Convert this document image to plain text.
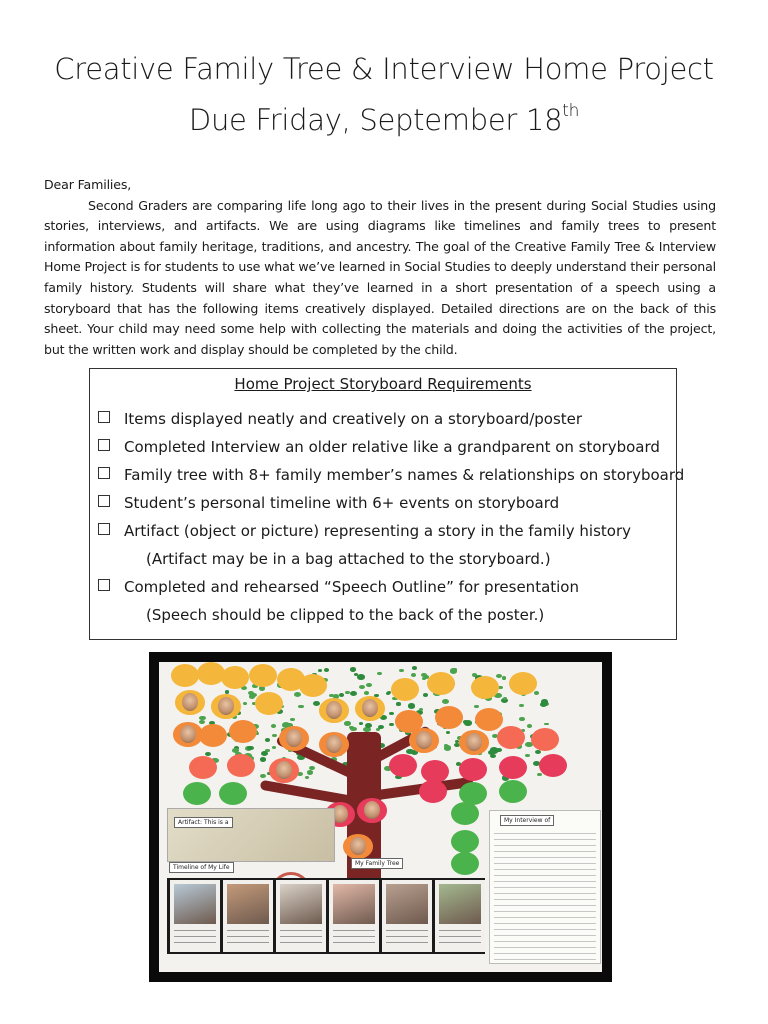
Creative Family Tree & Interview Home Project
Due Friday, September 18th
Dear Families,
Second Graders are comparing life long ago to their lives in the present during Social Studies using stories, interviews, and artifacts. We are using diagrams like timelines and family trees to present information about family heritage, traditions, and ancestry. The goal of the Creative Family Tree & Interview Home Project is for students to use what we’ve learned in Social Studies to deeply understand their personal family history. Students will share what they’ve learned in a short presentation of a speech using a storyboard that has the following items creatively displayed. Detailed directions are on the back of this sheet. Your child may need some help with collecting the materials and doing the activities of the project, but the written work and display should be completed by the child.
Home Project Storyboard Requirements
Items displayed neatly and creatively on a storyboard/poster
Completed Interview an older relative like a grandparent on storyboard
Family tree with 8+ family member’s names & relationships on storyboard
Student’s personal timeline with 6+ events on storyboard
Artifact (object or picture) representing a story in the family history
(Artifact may be in a bag attached to the storyboard.)
Completed and rehearsed “Speech Outline” for presentation
(Speech should be clipped to the back of the poster.)
Artifact: This is a
Timeline of My Life
My Family Tree
My Interview of
